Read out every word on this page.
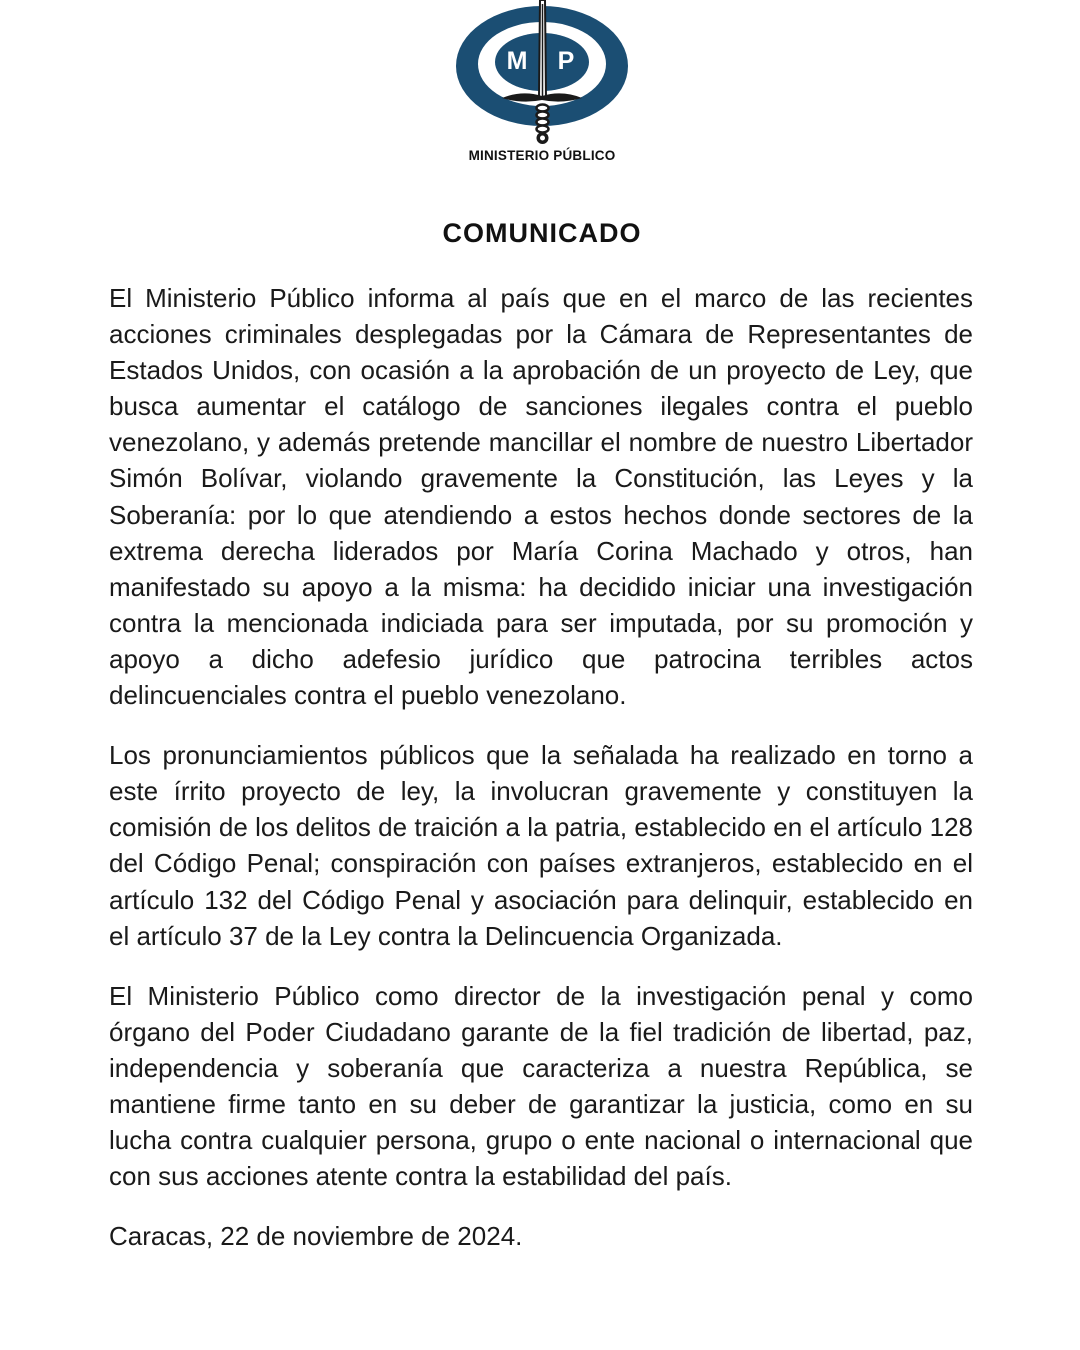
M P
MINISTERIO PÚBLICO
COMUNICADO

El Ministerio Público informa al país que en el marco de las recientes acciones criminales desplegadas por la Cámara de Representantes de Estados Unidos, con ocasión a la aprobación de un proyecto de Ley, que busca aumentar el catálogo de sanciones ilegales contra el pueblo venezolano, y además pretende mancillar el nombre de nuestro Libertador Simón Bolívar, violando gravemente la Constitución, las Leyes y la Soberanía: por lo que atendiendo a estos hechos donde sectores de la extrema derecha liderados por María Corina Machado y otros, han manifestado su apoyo a la misma: ha decidido iniciar una investigación contra la mencionada indiciada para ser imputada, por su promoción y apoyo a dicho adefesio jurídico que patrocina terribles actos delincuenciales contra el pueblo venezolano.

Los pronunciamientos públicos que la señalada ha realizado en torno a este írrito proyecto de ley, la involucran gravemente y constituyen la comisión de los delitos de traición a la patria, establecido en el artículo 128 del Código Penal; conspiración con países extranjeros, establecido en el artículo 132 del Código Penal y asociación para delinquir, establecido en el artículo 37 de la Ley contra la Delincuencia Organizada.

El Ministerio Público como director de la investigación penal y como órgano del Poder Ciudadano garante de la fiel tradición de libertad, paz, independencia y soberanía que caracteriza a nuestra República, se mantiene firme tanto en su deber de garantizar la justicia, como en su lucha contra cualquier persona, grupo o ente nacional o internacional que con sus acciones atente contra la estabilidad del país.

Caracas, 22 de noviembre de 2024.
